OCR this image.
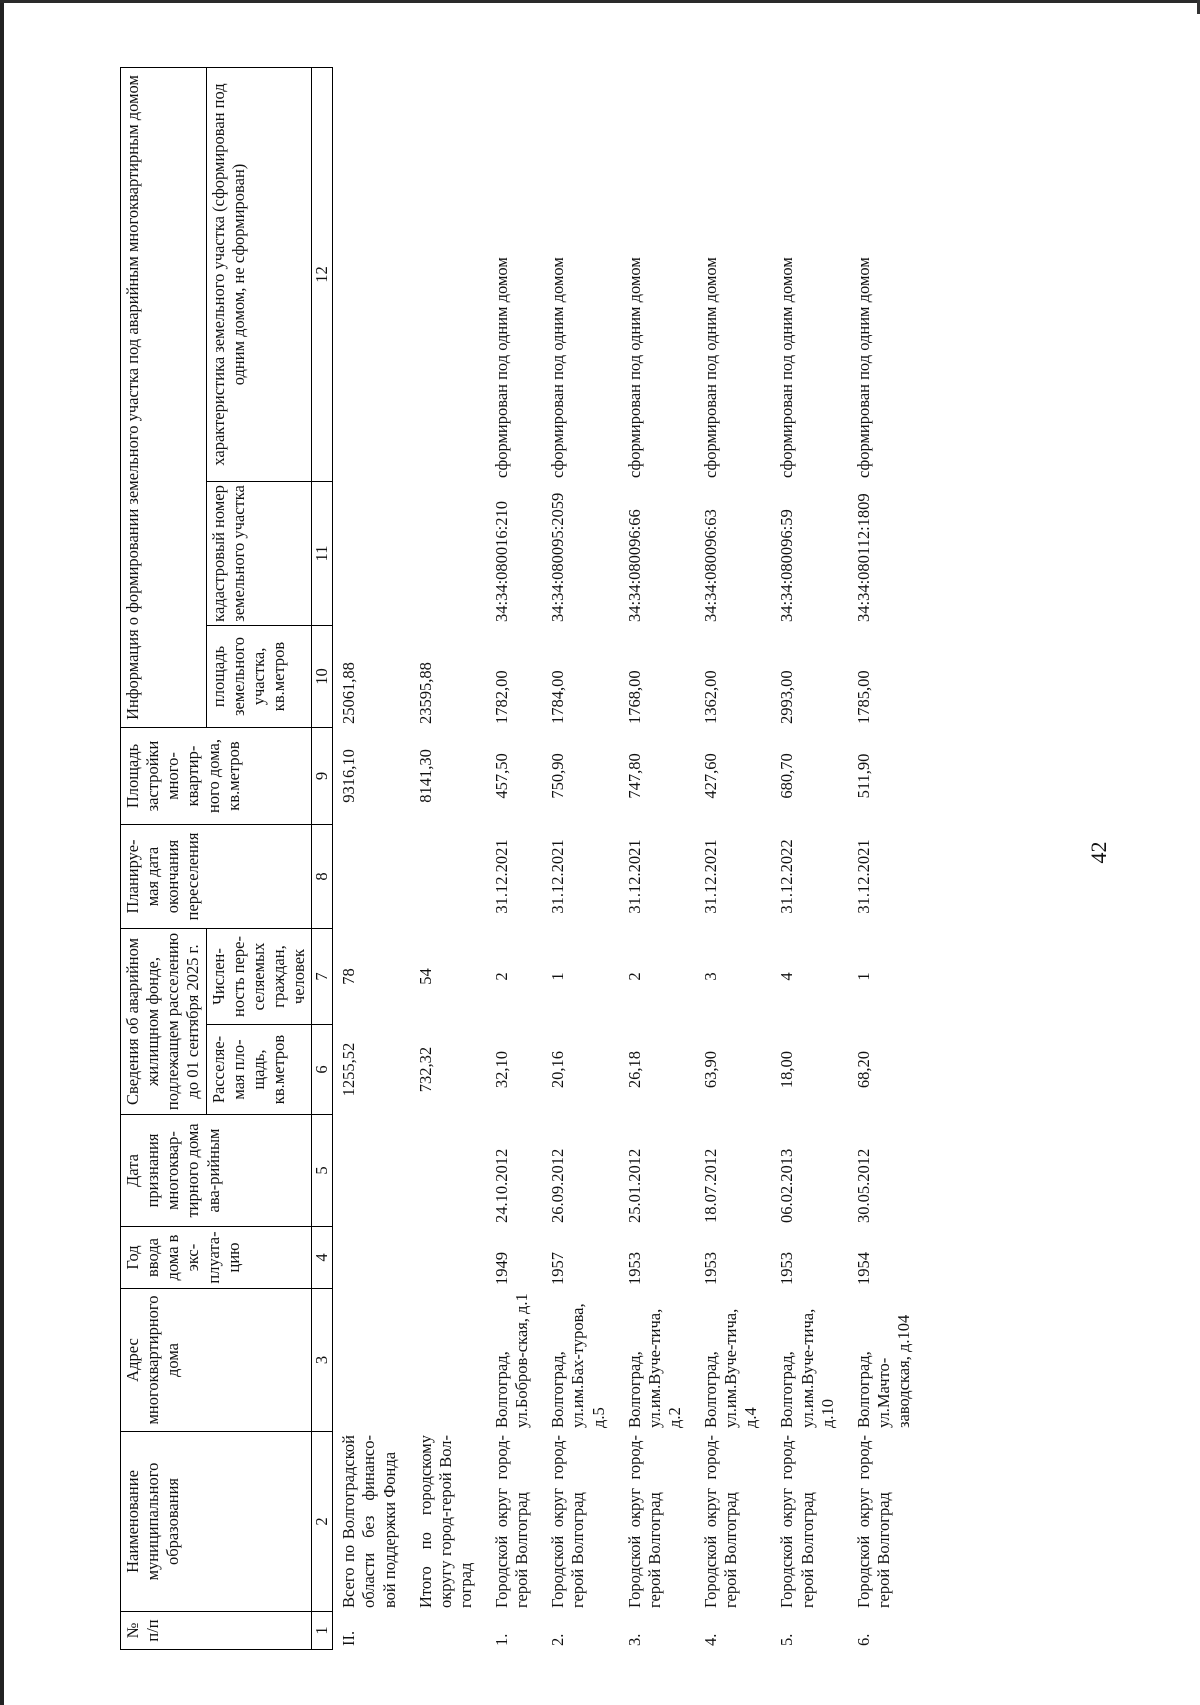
42
№ п/п	Наименование муниципального образования	Адрес многоквартирного дома	Год ввода дома в экс-плуата-цию	Дата признания многоквар-тирного дома ава-рийным	Сведения об аварийном жилищном фонде, подлежащем расселению до 01 сентября 2025 г.		Планируе-мая дата окончания переселения	Площадь застройки много-квартир-ного дома, кв.метров	Информация о формировании земельного участка под аварийным многоквартирным домом		
					Расселяе-мая пло-щадь, кв.метров	Числен-ность пере-селяемых граждан, человек			площадь земельного участка, кв.метров	кадастровый номер земельного участка	характеристика земельного участка (сформирован под одним домом, не сформирован)
1	2	3	4	5	6	7	8	9	10	11	12
II.	Всего по Волгоградской области без финансо-вой поддержки Фонда				1255,52	78		9316,10	25061,88		
	Итого по городскому округу город-герой Вол-гоград				732,32	54		8141,30	23595,88		
1.	Городской округ город-герой Волгоград	Волгоград, ул.Бобров-ская, д.1	1949	24.10.2012	32,10	2	31.12.2021	457,50	1782,00	34:34:080016:210	сформирован под одним домом
2.	Городской округ город-герой Волгоград	Волгоград, ул.им.Бах-турова, д.5	1957	26.09.2012	20,16	1	31.12.2021	750,90	1784,00	34:34:080095:2059	сформирован под одним домом
3.	Городской округ город-герой Волгоград	Волгоград, ул.им.Вуче-тича, д.2	1953	25.01.2012	26,18	2	31.12.2021	747,80	1768,00	34:34:080096:66	сформирован под одним домом
4.	Городской округ город-герой Волгоград	Волгоград, ул.им.Вуче-тича, д.4	1953	18.07.2012	63,90	3	31.12.2021	427,60	1362,00	34:34:080096:63	сформирован под одним домом
5.	Городской округ город-герой Волгоград	Волгоград, ул.им.Вуче-тича, д.10	1953	06.02.2013	18,00	4	31.12.2022	680,70	2993,00	34:34:080096:59	сформирован под одним домом
6.	Городской округ город-герой Волгоград	Волгоград, ул.Мачто-заводская, д.104	1954	30.05.2012	68,20	1	31.12.2021	511,90	1785,00	34:34:080112:1809	сформирован под одним домом
